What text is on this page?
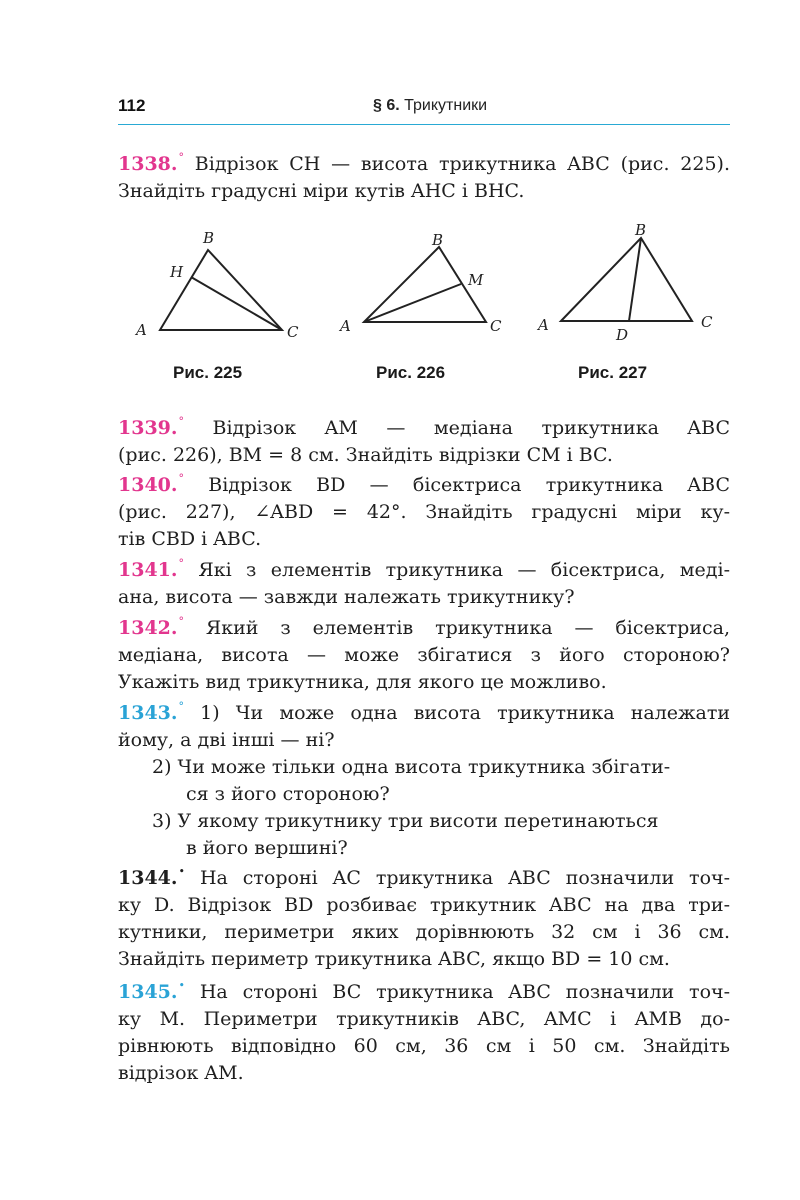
112	§ 6. Трикутники

1338.° Відрізок CH — висота трикутника ABC (рис. 225).

Знайдіть градусні міри кутів AHC і BHC.

A
B
C
H
A
B
C
M
A
B
C
D
Рис. 225	Рис. 226	Рис. 227

1339.° Відрізок AM — медіана трикутника ABC

(рис. 226), BM = 8 см. Знайдіть відрізки CM і BC.

1340.° Відрізок BD — бісектриса трикутника ABC

(рис. 227), ∠ABD = 42°. Знайдіть градусні міри ку-

тів CBD і ABC.

1341.° Які з елементів трикутника — бісектриса, меді-

ана, висота — завжди належать трикутнику?

1342.° Який з елементів трикутника — бісектриса,

медіана, висота — може збігатися з його стороною?

Укажіть вид трикутника, для якого це можливо.

1343.° 1) Чи може одна висота трикутника належати

йому, а дві інші — ні?

2) Чи може тільки одна висота трикутника збігати-

ся з його стороною?

3) У якому трикутнику три висоти перетинаються

в його вершині?

1344.• На стороні AC трикутника ABC позначили точ-

ку D. Відрізок BD розбиває трикутник ABC на два три-

кутники, периметри яких дорівнюють 32 см і 36 см.

Знайдіть периметр трикутника ABC, якщо BD = 10 см.

1345.• На стороні BC трикутника ABC позначили точ-

ку M. Периметри трикутників ABC, AMC і AMB до-

рівнюють відповідно 60 см, 36 см і 50 см. Знайдіть

відрізок AM.
